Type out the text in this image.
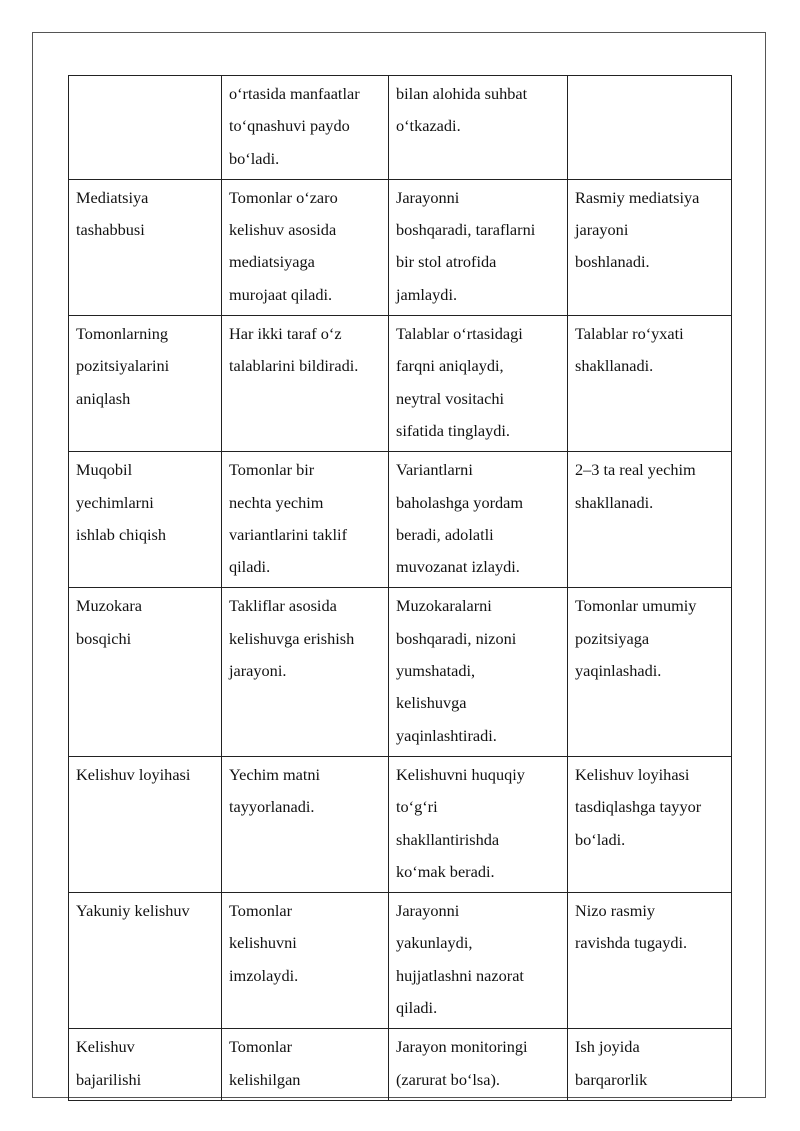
	o‘rtasida manfaatlar
to‘qnashuvi paydo
bo‘ladi.	bilan alohida suhbat
o‘tkazadi.	

Mediatsiya
tashabbusi	Tomonlar o‘zaro
kelishuv asosida
mediatsiyaga
murojaat qiladi.	Jarayonni
boshqaradi, taraflarni
bir stol atrofida
jamlaydi.	Rasmiy mediatsiya
jarayoni
boshlanadi.

Tomonlarning
pozitsiyalarini
aniqlash	Har ikki taraf o‘z
talablarini bildiradi.	Talablar o‘rtasidagi
farqni aniqlaydi,
neytral vositachi
sifatida tinglaydi.	Talablar ro‘yxati
shakllanadi.

Muqobil
yechimlarni
ishlab chiqish	Tomonlar bir
nechta yechim
variantlarini taklif
qiladi.	Variantlarni
baholashga yordam
beradi, adolatli
muvozanat izlaydi.	2–3 ta real yechim
shakllanadi.

Muzokara
bosqichi	Takliflar asosida
kelishuvga erishish
jarayoni.	Muzokaralarni
boshqaradi, nizoni
yumshatadi,
kelishuvga
yaqinlashtiradi.	Tomonlar umumiy
pozitsiyaga
yaqinlashadi.

Kelishuv loyihasi	Yechim matni
tayyorlanadi.	Kelishuvni huquqiy
to‘g‘ri
shakllantirishda
ko‘mak beradi.	Kelishuv loyihasi
tasdiqlashga tayyor
bo‘ladi.

Yakuniy kelishuv	Tomonlar
kelishuvni
imzolaydi.	Jarayonni
yakunlaydi,
hujjatlashni nazorat
qiladi.	Nizo rasmiy
ravishda tugaydi.

Kelishuv
bajarilishi	Tomonlar
kelishilgan	Jarayon monitoringi
(zarurat bo‘lsa).	Ish joyida
barqarorlik
